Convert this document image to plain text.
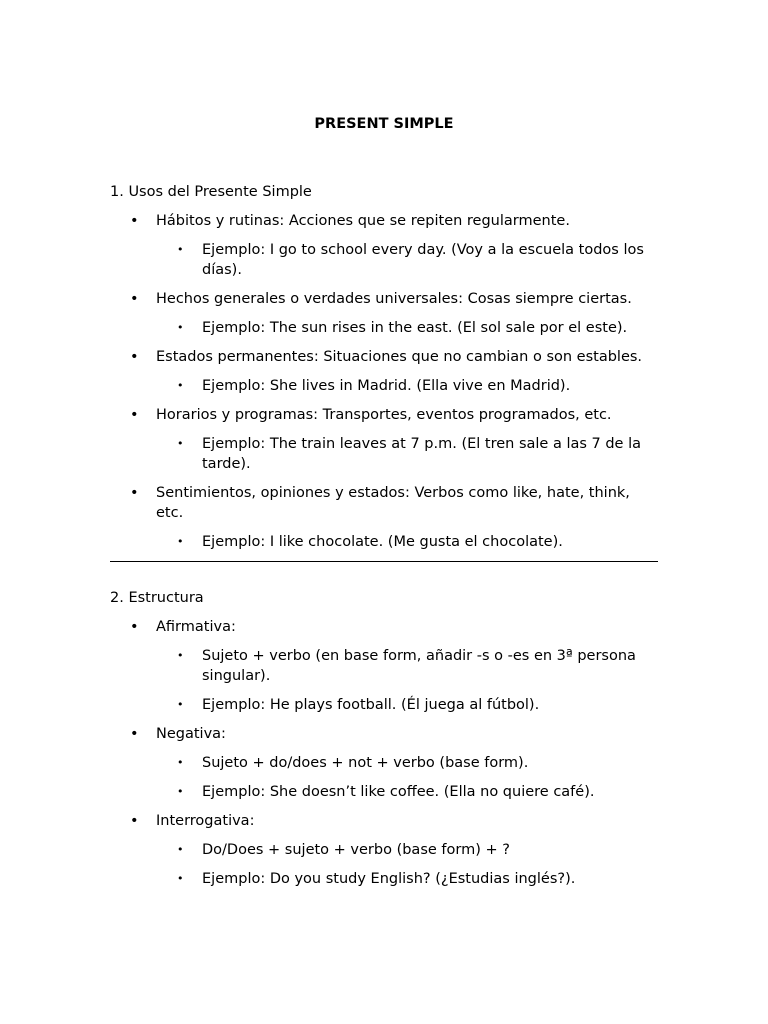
PRESENT SIMPLE
1. Usos del Presente Simple
• Hábitos y rutinas: Acciones que se repiten regularmente.
• Ejemplo: I go to school every day. (Voy a la escuela todos los días).
• Hechos generales o verdades universales: Cosas siempre ciertas.
• Ejemplo: The sun rises in the east. (El sol sale por el este).
• Estados permanentes: Situaciones que no cambian o son estables.
• Ejemplo: She lives in Madrid. (Ella vive en Madrid).
• Horarios y programas: Transportes, eventos programados, etc.
• Ejemplo: The train leaves at 7 p.m. (El tren sale a las 7 de la tarde).
• Sentimientos, opiniones y estados: Verbos como like, hate, think, etc.
• Ejemplo: I like chocolate. (Me gusta el chocolate).
2. Estructura
• Afirmativa:
• Sujeto + verbo (en base form, añadir -s o -es en 3ª persona singular).
• Ejemplo: He plays football. (Él juega al fútbol).
• Negativa:
• Sujeto + do/does + not + verbo (base form).
• Ejemplo: She doesn’t like coffee. (Ella no quiere café).
• Interrogativa:
• Do/Does + sujeto + verbo (base form) + ?
• Ejemplo: Do you study English? (¿Estudias inglés?).
